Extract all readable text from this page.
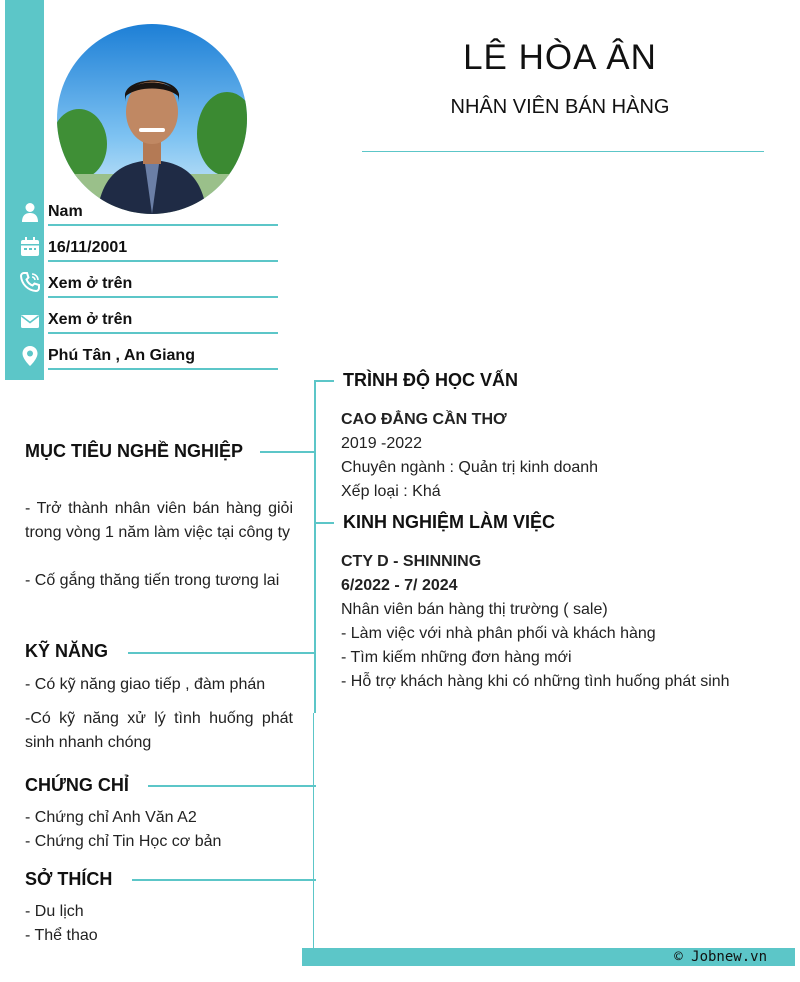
Nam
16/11/2001
Xem ở trên
Xem ở trên
Phú Tân , An Giang
LÊ HÒA ÂN
NHÂN VIÊN BÁN HÀNG
MỤC TIÊU NGHỀ NGHIỆP
- Trở thành nhân viên bán hàng giỏi trong vòng 1 năm làm việc tại công ty
- Cố gắng thăng tiến trong tương lai
KỸ NĂNG
- Có kỹ năng giao tiếp , đàm phán
-Có kỹ năng xử lý tình huống phát sinh nhanh chóng
CHỨNG CHỈ
- Chứng chỉ Anh Văn A2
- Chứng chỉ Tin Học cơ bản
SỞ THÍCH
- Du lịch
- Thể thao
TRÌNH ĐỘ HỌC VẤN
CAO ĐẲNG CẦN THƠ
2019 -2022
Chuyên ngành : Quản trị kinh doanh
Xếp loại : Khá
KINH NGHIỆM LÀM VIỆC
CTY D - SHINNING
6/2022 - 7/ 2024
Nhân viên bán hàng thị trường ( sale)
- Làm việc với nhà phân phối và khách hàng
- Tìm kiếm những đơn hàng mới
- Hỗ trợ khách hàng khi có những tình huống phát sinh
© Jobnew.vn
